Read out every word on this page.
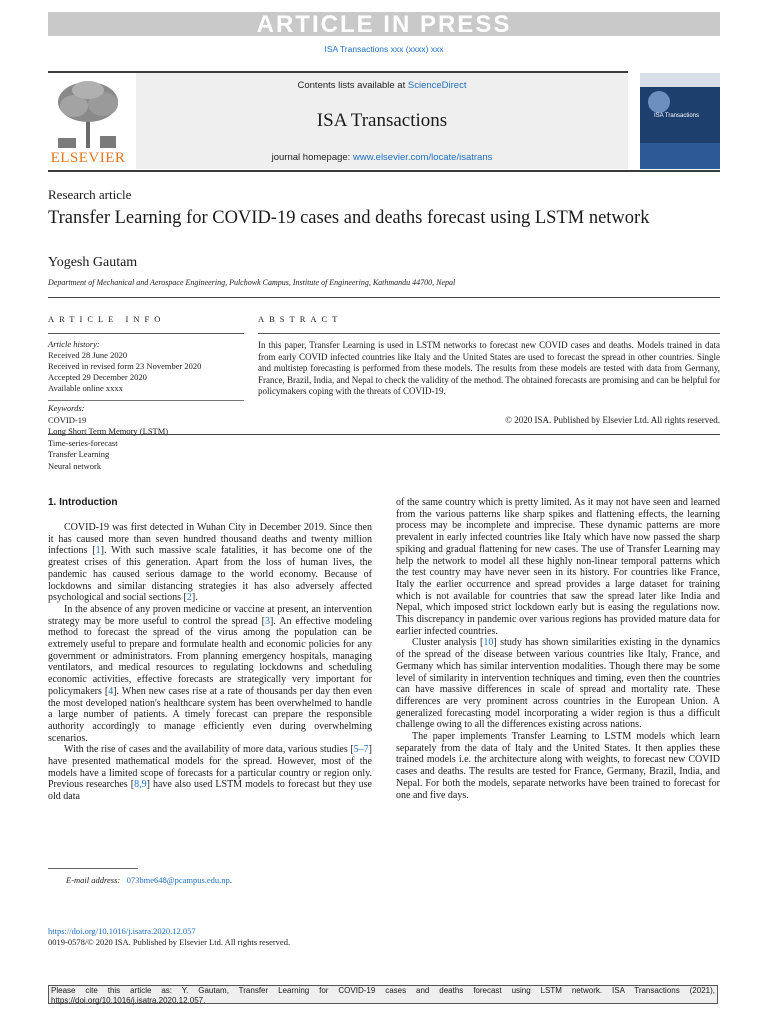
ARTICLE IN PRESS
ISA Transactions xxx (xxxx) xxx
ELSEVIER
Contents lists available at ScienceDirect
ISA Transactions
journal homepage: www.elsevier.com/locate/isatrans
ISA Transactions
Research article
Transfer Learning for COVID-19 cases and deaths forecast using LSTM network
Yogesh Gautam
Department of Mechanical and Aerospace Engineering, Pulchowk Campus, Institute of Engineering, Kathmandu 44700, Nepal
ARTICLE INFO	ABSTRACT
Article history:
Received 28 June 2020
Received in revised form 23 November 2020
Accepted 29 December 2020
Available online xxxx
Keywords:
COVID-19
Long Short Term Memory (LSTM)
Time-series-forecast
Transfer Learning
Neural network
In this paper, Transfer Learning is used in LSTM networks to forecast new COVID cases and deaths. Models trained in data from early COVID infected countries like Italy and the United States are used to forecast the spread in other countries. Single and multistep forecasting is performed from these models. The results from these models are tested with data from Germany, France, Brazil, India, and Nepal to check the validity of the method. The obtained forecasts are promising and can be helpful for policymakers coping with the threats of COVID-19.
© 2020 ISA. Published by Elsevier Ltd. All rights reserved.
1. Introduction

COVID-19 was first detected in Wuhan City in December 2019. Since then it has caused more than seven hundred thousand deaths and twenty million infections [1]. With such massive scale fatalities, it has become one of the greatest crises of this generation. Apart from the loss of human lives, the pandemic has caused serious damage to the world economy. Because of lockdowns and similar distancing strategies it has also adversely affected psychological and social sections [2].

In the absence of any proven medicine or vaccine at present, an intervention strategy may be more useful to control the spread [3]. An effective modeling method to forecast the spread of the virus among the population can be extremely useful to prepare and formulate health and economic policies for any government or administrators. From planning emergency hospitals, managing ventilators, and medical resources to regulating lockdowns and scheduling economic activities, effective forecasts are strategically very important for policymakers [4]. When new cases rise at a rate of thousands per day then even the most developed nation's healthcare system has been overwhelmed to handle a large number of patients. A timely forecast can prepare the responsible authority accordingly to manage efficiently even during overwhelming scenarios.

With the rise of cases and the availability of more data, various studies [5–7] have presented mathematical models for the spread. However, most of the models have a limited scope of forecasts for a particular country or region only. Previous researches [8,9] have also used LSTM models to forecast but they use old data

of the same country which is pretty limited. As it may not have seen and learned from the various patterns like sharp spikes and flattening effects, the learning process may be incomplete and imprecise. These dynamic patterns are more prevalent in early infected countries like Italy which have now passed the sharp spiking and gradual flattening for new cases. The use of Transfer Learning may help the network to model all these highly non-linear temporal patterns which the test country may have never seen in its history. For countries like France, Italy the earlier occurrence and spread provides a large dataset for training which is not available for countries that saw the spread later like India and Nepal, which imposed strict lockdown early but is easing the regulations now. This discrepancy in pandemic over various regions has provided mature data for earlier infected countries.

Cluster analysis [10] study has shown similarities existing in the dynamics of the spread of the disease between various countries like Italy, France, and Germany which has similar intervention modalities. Though there may be some level of similarity in intervention techniques and timing, even then the countries can have massive differences in scale of spread and mortality rate. These differences are very prominent across countries in the European Union. A generalized forecasting model incorporating a wider region is thus a difficult challenge owing to all the differences existing across nations.

The paper implements Transfer Learning to LSTM models which learn separately from the data of Italy and the United States. It then applies these trained models i.e. the architecture along with weights, to forecast new COVID cases and deaths. The results are tested for France, Germany, Brazil, India, and Nepal. For both the models, separate networks have been trained to forecast for one and five days.

E-mail address: 073bme648@pcampus.edu.np.
https://doi.org/10.1016/j.isatra.2020.12.057
0019-0578/© 2020 ISA. Published by Elsevier Ltd. All rights reserved.
Please cite this article as: Y. Gautam, Transfer Learning for COVID-19 cases and deaths forecast using LSTM network. ISA Transactions (2021), https://doi.org/10.1016/j.isatra.2020.12.057.
